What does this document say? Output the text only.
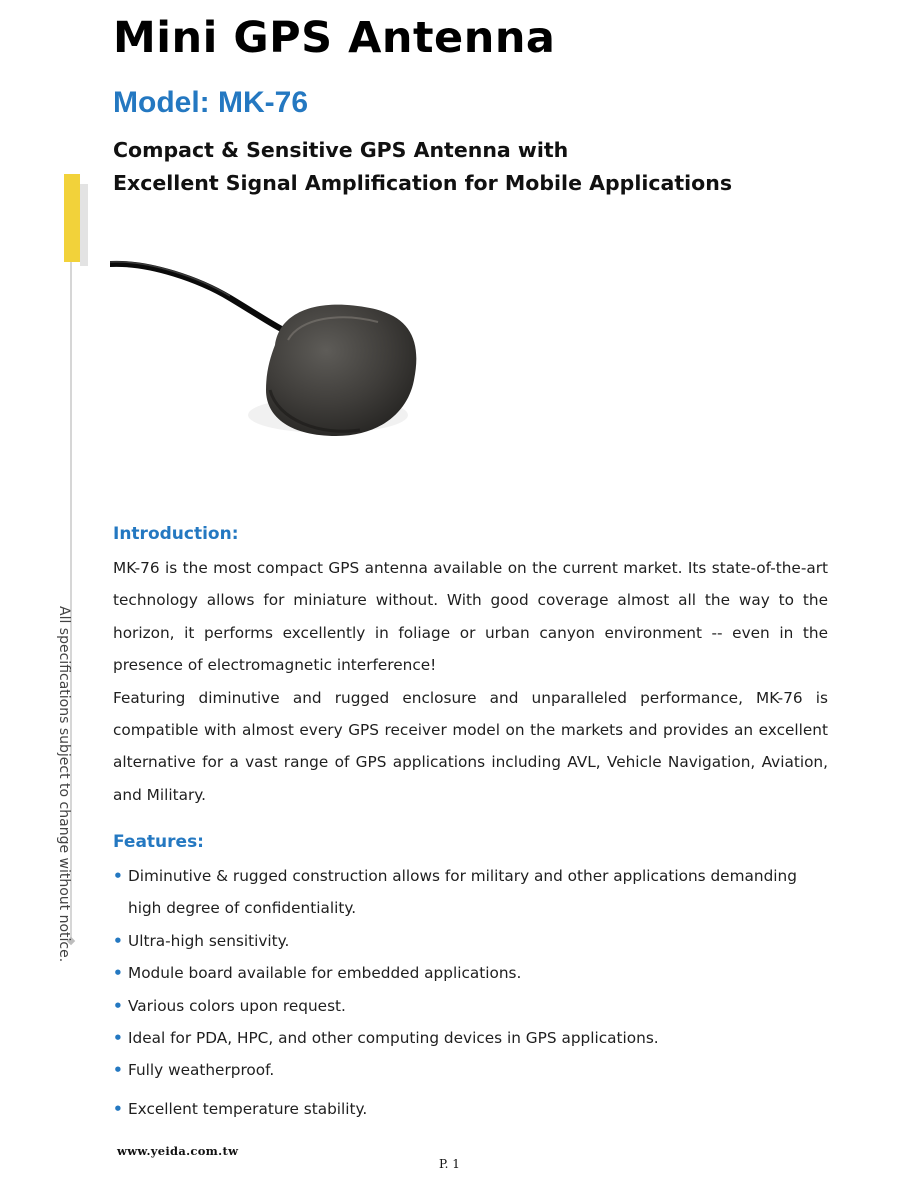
Mini GPS Antenna
Model: MK-76
Compact & Sensitive GPS Antenna with
Excellent Signal Amplification for Mobile Applications
All specifications subject to change without notice.
Introduction:

MK-76 is the most compact GPS antenna available on the current market. Its state-of-the-art technology allows for miniature without. With good coverage almost all the way to the horizon, it performs excellently in foliage or urban canyon environment -- even in the presence of electromagnetic interference!

Featuring diminutive and rugged enclosure and unparalleled performance, MK-76 is compatible with almost every GPS receiver model on the markets and provides an excellent alternative for a vast range of GPS applications including AVL, Vehicle Navigation, Aviation, and Military.

Features:
• Diminutive & rugged construction allows for military and other applications demanding high degree of confidentiality.
• Ultra-high sensitivity.
• Module board available for embedded applications.
• Various colors upon request.
• Ideal for PDA, HPC, and other computing devices in GPS applications.
• Fully weatherproof.
• Excellent temperature stability.
www.yeida.com.tw
P. 1
